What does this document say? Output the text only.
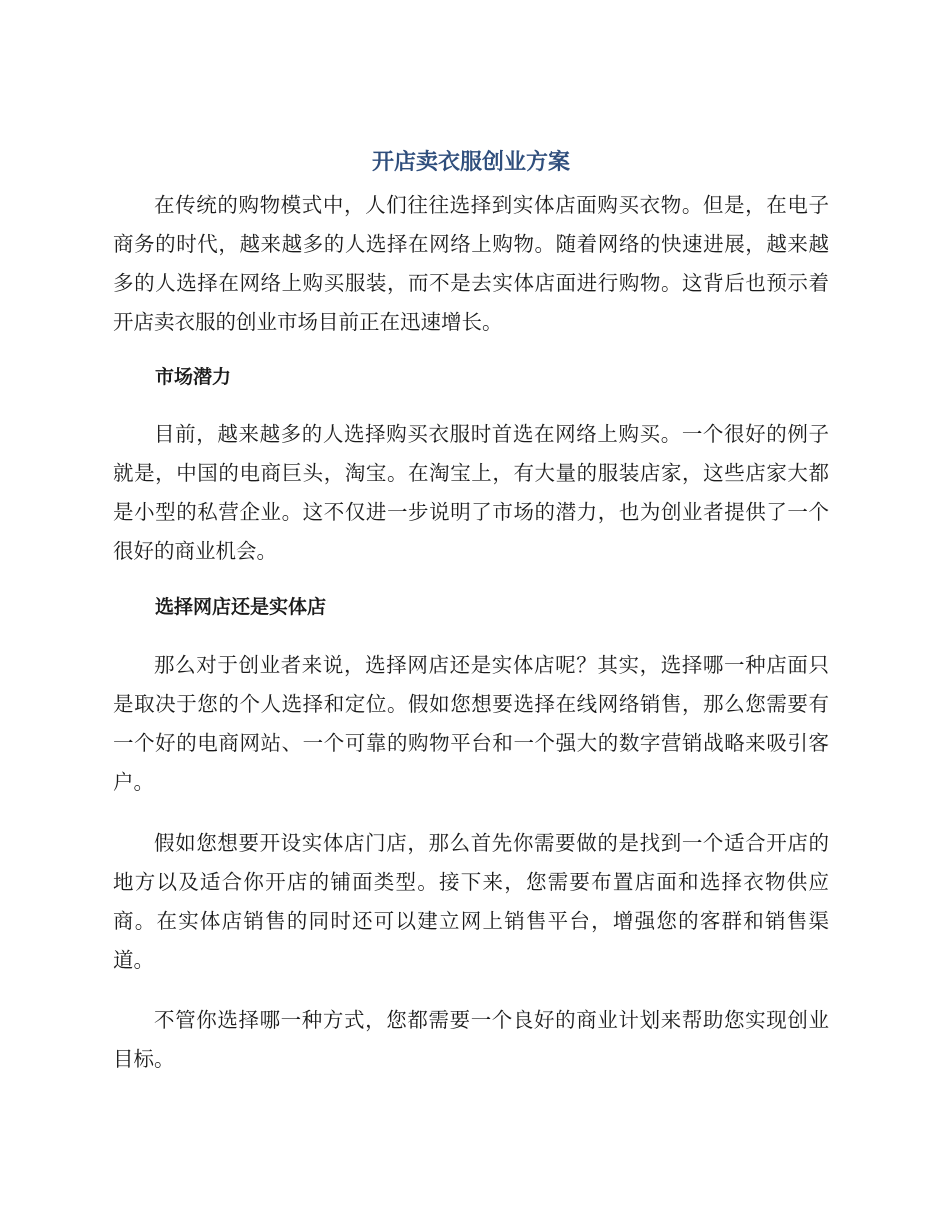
开店卖衣服创业方案

在传统的购物模式中，人们往往选择到实体店面购买衣物。但是，在电子商务的时代，越来越多的人选择在网络上购物。随着网络的快速进展，越来越多的人选择在网络上购买服装，而不是去实体店面进行购物。这背后也预示着开店卖衣服的创业市场目前正在迅速增长。

市场潜力

目前，越来越多的人选择购买衣服时首选在网络上购买。一个很好的例子就是，中国的电商巨头，淘宝。在淘宝上，有大量的服装店家，这些店家大都是小型的私营企业。这不仅进一步说明了市场的潜力，也为创业者提供了一个很好的商业机会。

选择网店还是实体店

那么对于创业者来说，选择网店还是实体店呢？其实，选择哪一种店面只是取决于您的个人选择和定位。假如您想要选择在线网络销售，那么您需要有一个好的电商网站、一个可靠的购物平台和一个强大的数字营销战略来吸引客户。

假如您想要开设实体店门店，那么首先你需要做的是找到一个适合开店的地方以及适合你开店的铺面类型。接下来，您需要布置店面和选择衣物供应商。在实体店销售的同时还可以建立网上销售平台，增强您的客群和销售渠道。

不管你选择哪一种方式，您都需要一个良好的商业计划来帮助您实现创业目标。
